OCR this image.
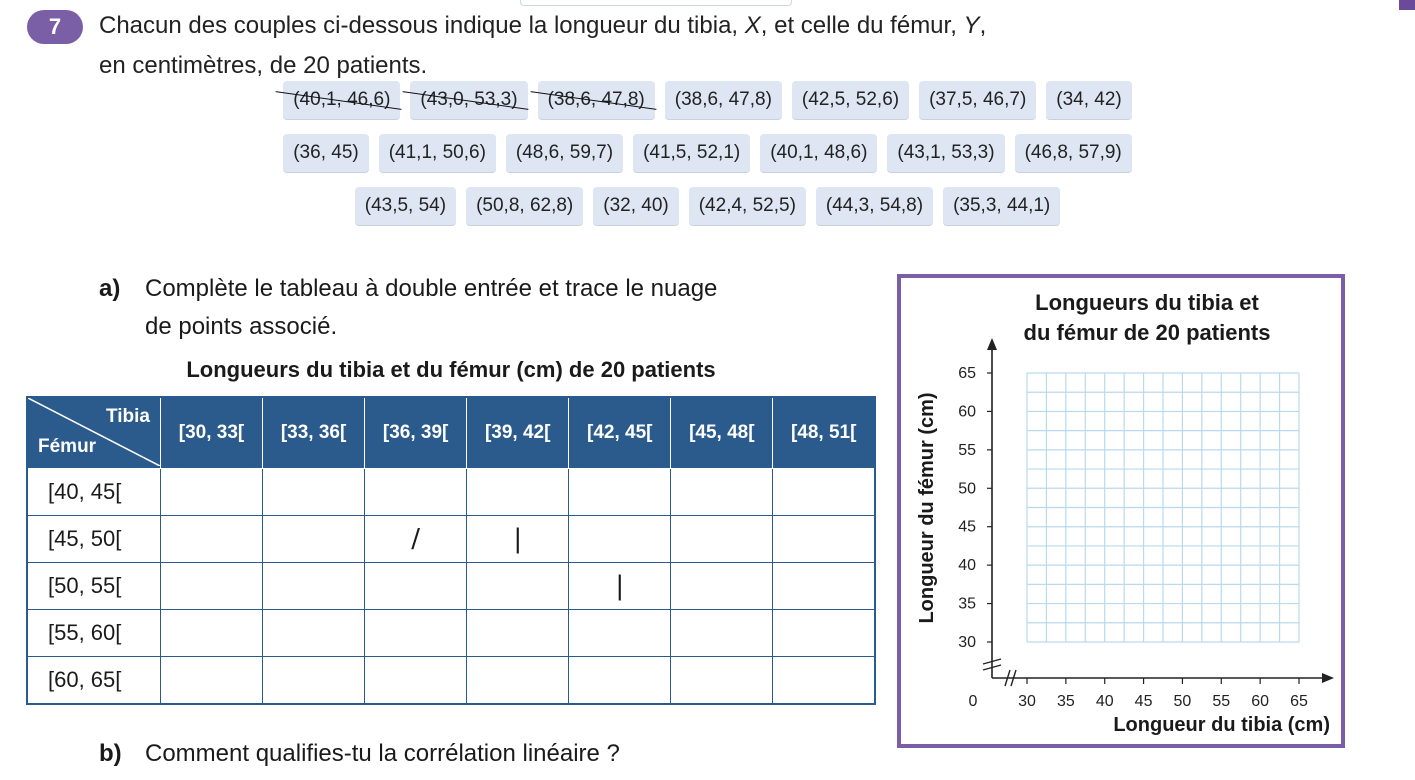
7	Chacun des couples ci-dessous indique la longueur du tibia, X, et celle du fémur, Y,
en centimètres, de 20 patients.
(40,1, 46,6)	(43,0, 53,3)	(38,6, 47,8)	(38,6, 47,8)	(42,5, 52,6)	(37,5, 46,7)	(34, 42)
(36, 45)	(41,1, 50,6)	(48,6, 59,7)	(41,5, 52,1)	(40,1, 48,6)	(43,1, 53,3)	(46,8, 57,9)
(43,5, 54)	(50,8, 62,8)	(32, 40)	(42,4, 52,5)	(44,3, 54,8)	(35,3, 44,1)
a) Complète le tableau à double entrée et trace le nuage
de points associé.
Longueurs du tibia et du fémur (cm) de 20 patients
Tibia
Fémur	[30, 33[	[33, 36[	[36, 39[	[39, 42[	[42, 45[	[45, 48[	[48, 51[
[40, 45[	

[45, 50[			/	|			

[50, 55[					|		

[55, 60[	

[60, 65[	

Longueurs du tibia et
du fémur de 20 patients
30 35 40 45 50 55 60 65
30
35
40
45
50
55
60
65
0
Longueur du tibia (cm)
Longueur du fémur (cm)
b) Comment qualifies-tu la corrélation linéaire ?
